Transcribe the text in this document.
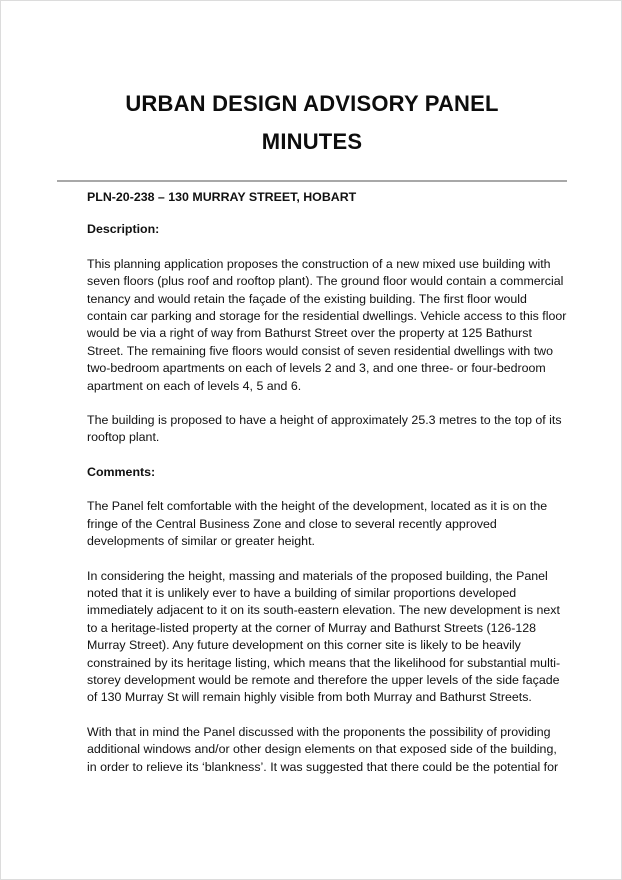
URBAN DESIGN ADVISORY PANEL
MINUTES

PLN-20-238 – 130 MURRAY STREET, HOBART

Description:

This planning application proposes the construction of a new mixed use building with seven floors (plus roof and rooftop plant). The ground floor would contain a commercial tenancy and would retain the façade of the existing building. The first floor would contain car parking and storage for the residential dwellings. Vehicle access to this floor would be via a right of way from Bathurst Street over the property at 125 Bathurst Street. The remaining five floors would consist of seven residential dwellings with two two-bedroom apartments on each of levels 2 and 3, and one three- or four-bedroom apartment on each of levels 4, 5 and 6.

The building is proposed to have a height of approximately 25.3 metres to the top of its rooftop plant.

Comments:

The Panel felt comfortable with the height of the development, located as it is on the fringe of the Central Business Zone and close to several recently approved developments of similar or greater height.

In considering the height, massing and materials of the proposed building, the Panel noted that it is unlikely ever to have a building of similar proportions developed immediately adjacent to it on its south-eastern elevation. The new development is next to a heritage-listed property at the corner of Murray and Bathurst Streets (126-128 Murray Street). Any future development on this corner site is likely to be heavily constrained by its heritage listing, which means that the likelihood for substantial multi-storey development would be remote and therefore the upper levels of the side façade of 130 Murray St will remain highly visible from both Murray and Bathurst Streets.

With that in mind the Panel discussed with the proponents the possibility of providing additional windows and/or other design elements on that exposed side of the building, in order to relieve its ‘blankness’. It was suggested that there could be the potential for
